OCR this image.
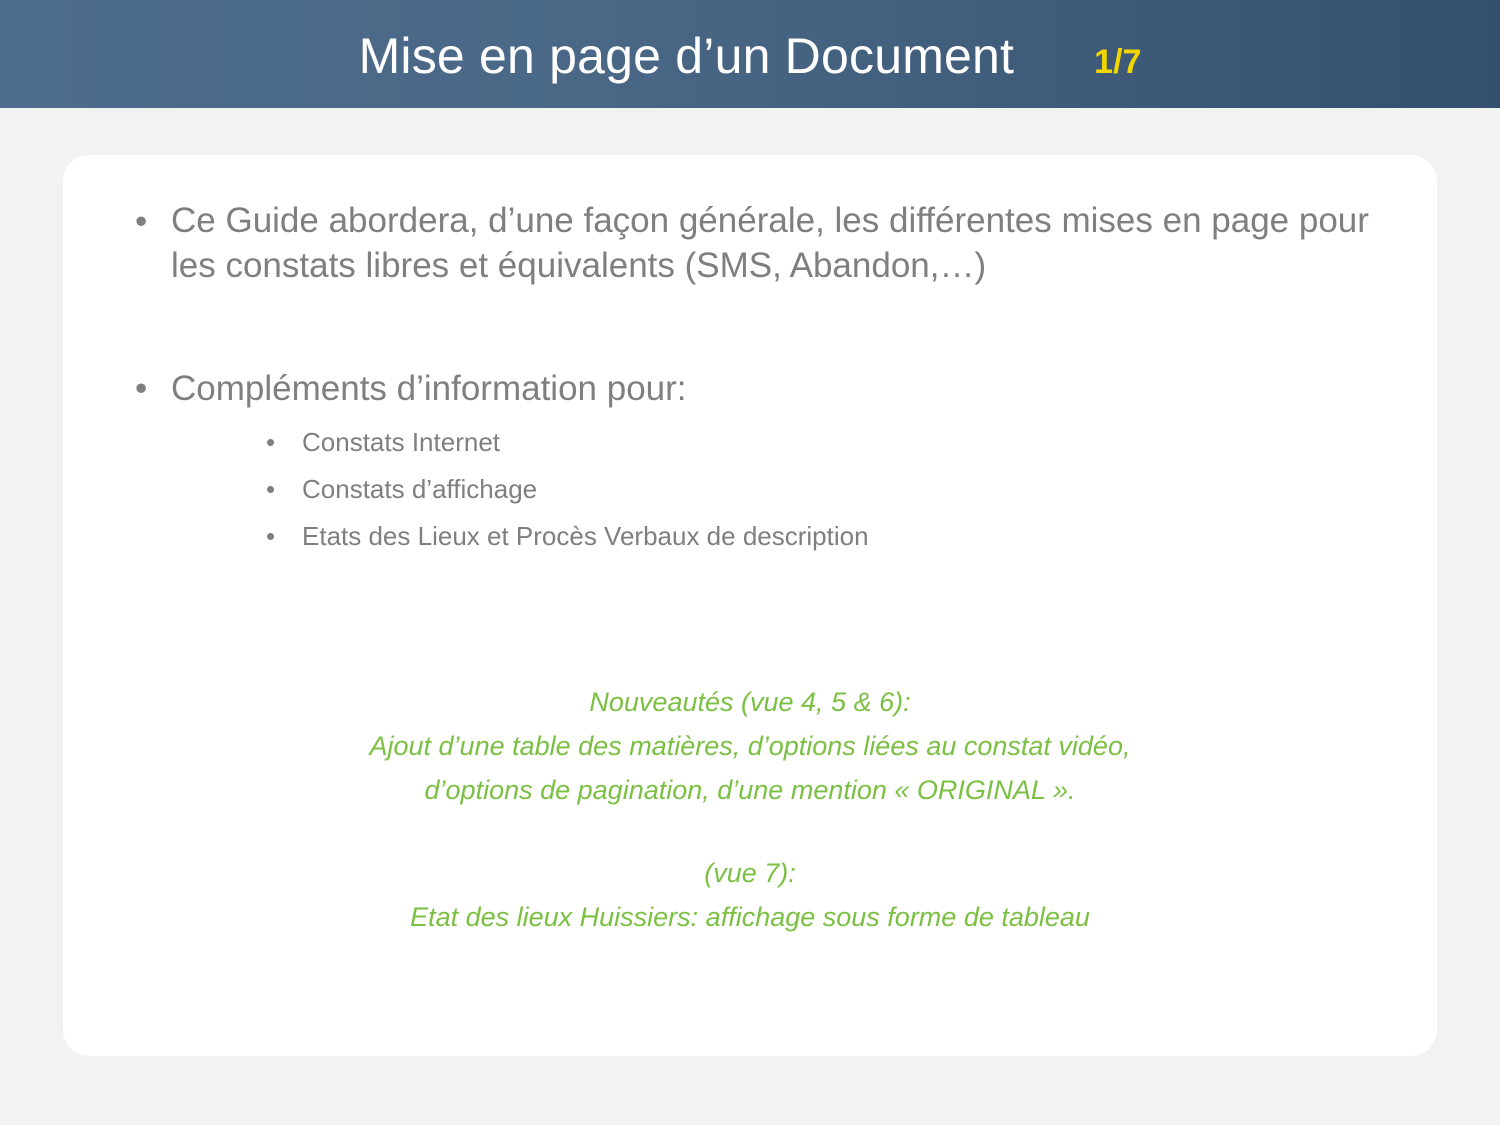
Mise en page d’un Document 1/7
• Ce Guide abordera, d’une façon générale, les différentes mises en page pour les constats libres et équivalents (SMS, Abandon,…)
• Compléments d’information pour:
• Constats Internet
• Constats d’affichage
• Etats des Lieux et Procès Verbaux de description
Nouveautés (vue 4, 5 & 6):
Ajout d’une table des matières, d’options liées au constat vidéo,
d’options de pagination, d’une mention « ORIGINAL ».
(vue 7):
Etat des lieux Huissiers: affichage sous forme de tableau
